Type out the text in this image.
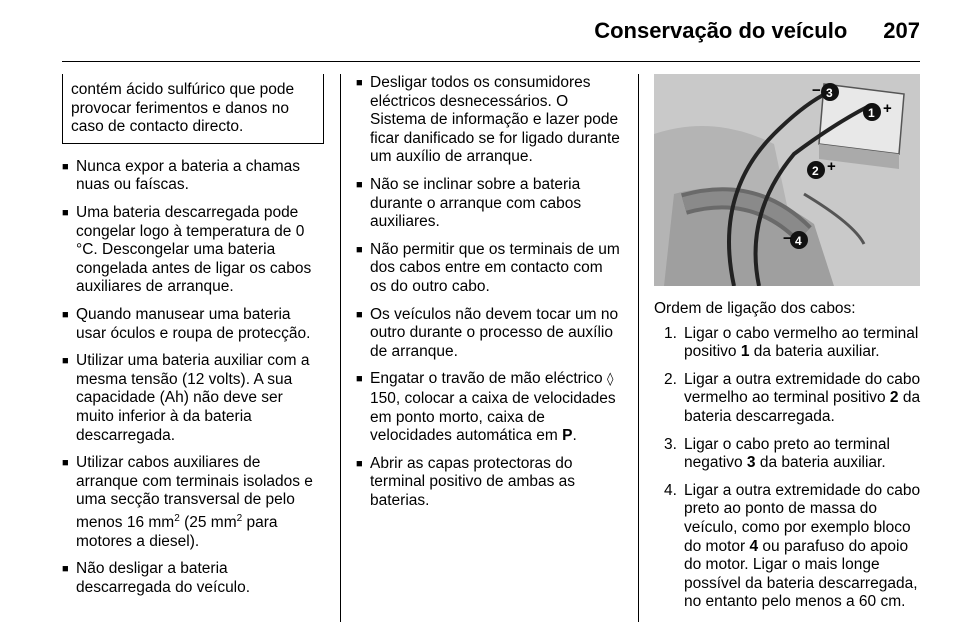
Conservação do veículo 207
contém ácido sulfúrico que pode provocar ferimentos e danos no caso de contacto directo.
■ Nunca expor a bateria a chamas nuas ou faíscas.
■ Uma bateria descarregada pode congelar logo à temperatura de 0 °C. Descongelar uma bateria congelada antes de ligar os cabos auxiliares de arranque.
■ Quando manusear uma bateria usar óculos e roupa de protecção.
■ Utilizar uma bateria auxiliar com a mesma tensão (12 volts). A sua capacidade (Ah) não deve ser muito inferior à da bateria descarregada.
■ Utilizar cabos auxiliares de arranque com terminais isolados e uma secção transversal de pelo menos 16 $mm^2$ (25 $mm^2$ para motores a diesel).
■ Não desligar a bateria descarregada do veículo.
■ Desligar todos os consumidores eléctricos desnecessários. O Sistema de informação e lazer pode ficar danificado se for ligado durante um auxílio de arranque.
■ Não se inclinar sobre a bateria durante o arranque com cabos auxiliares.
■ Não permitir que os terminais de um dos cabos entre em contacto com os do outro cabo.
■ Os veículos não devem tocar um no outro durante o processo de auxílio de arranque.
■ Engatar o travão de mão eléctrico ◊ 150, colocar a caixa de velocidades em ponto morto, caixa de velocidades automática em P.
■ Abrir as capas protectoras do terminal positivo de ambas as baterias.
3
1
2
4
−
+
+
−
Ordem de ligação dos cabos:
1. Ligar o cabo vermelho ao terminal positivo 1 da bateria auxiliar.
2. Ligar a outra extremidade do cabo vermelho ao terminal positivo 2 da bateria descarregada.
3. Ligar o cabo preto ao terminal negativo 3 da bateria auxiliar.
4. Ligar a outra extremidade do cabo preto ao ponto de massa do veículo, como por exemplo bloco do motor 4 ou parafuso do apoio do motor. Ligar o mais longe possível da bateria descarregada, no entanto pelo menos a 60 cm.
